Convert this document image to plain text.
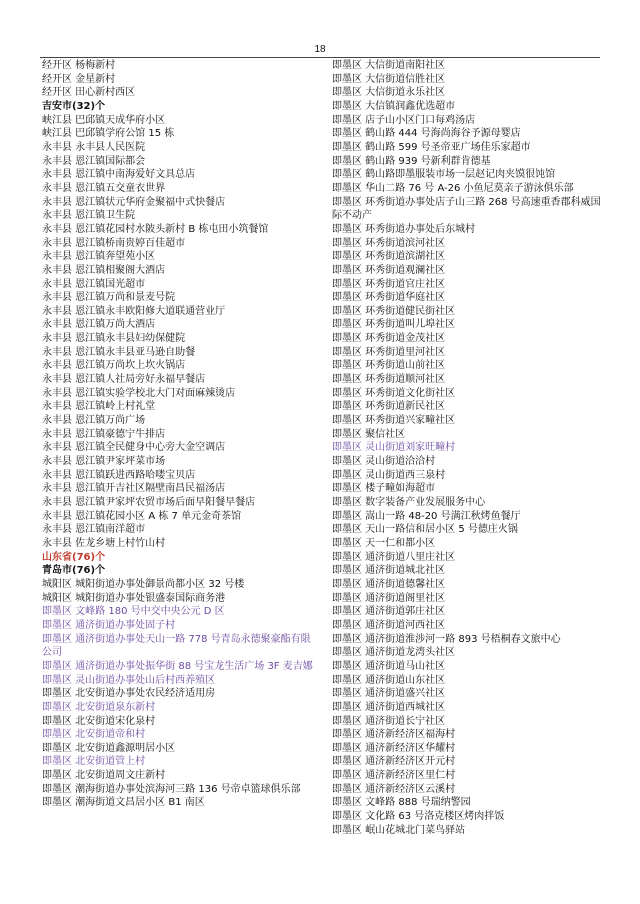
18
经开区 杨梅新村
经开区 金星新村
经开区 田心新村西区
吉安市(32)个
峡江县 巴邱镇天成华府小区
峡江县 巴邱镇学府公馆 15 栋
永丰县 永丰县人民医院
永丰县 恩江镇国际都会
永丰县 恩江镇中南海爱好文具总店
永丰县 恩江镇五交童衣世界
永丰县 恩江镇状元华府金聚福中式快餐店
永丰县 恩江镇卫生院
永丰县 恩江镇花园村水陂头新村 B 栋屯田小筑餐馆
永丰县 恩江镇桥南贵婷百佳超市
永丰县 恩江镇奔望苑小区
永丰县 恩江镇相聚阁大酒店
永丰县 恩江镇国光超市
永丰县 恩江镇万尚和景麦号院
永丰县 恩江镇永丰欧阳修大道联通营业厅
永丰县 恩江镇万尚大酒店
永丰县 恩江镇永丰县妇幼保健院
永丰县 恩江镇永丰县亚马逊自助餐
永丰县 恩江镇万尚坎上坎火锅店
永丰县 恩江镇人社局旁好永福早餐店
永丰县 恩江镇实验学校北大门对面麻辣烫店
永丰县 恩江镇岭上村礼堂
永丰县 恩江镇万尚广场
永丰县 恩江镇豪德宁牛排店
永丰县 恩江镇全民健身中心旁大金空调店
永丰县 恩江镇尹家坪菜市场
永丰县 恩江镇跃进西路哈喽宝贝店
永丰县 恩江镇开吉社区隔壁南昌民福汤店
永丰县 恩江镇尹家坪农贸市场后面早阳餐早餐店
永丰县 恩江镇花园小区 A 栋 7 单元金奇茶馆
永丰县 恩江镇南洋超市
永丰县 佐龙乡塘上村竹山村
山东省(76)个
青岛市(76)个
城阳区 城阳街道办事处御景尚都小区 32 号楼
城阳区 城阳街道办事处银盛泰国际商务港
即墨区 文峰路 180 号中交中央公元 D 区
即墨区 通济街道办事处固子村
即墨区 通济街道办事处天山一路 778 号青岛永德聚豪酯有限公司
即墨区 通济街道办事处振华街 88 号宝龙生活广场 3F 麦吉娜
即墨区 灵山街道办事处山后村西养殖区
即墨区 北安街道办事处农民经济适用房
即墨区 北安街道泉东新村
即墨区 北安街道宋化泉村
即墨区 北安街道帝和村
即墨区 北安街道鑫源明居小区
即墨区 北安街道管上村
即墨区 北安街道周文庄新村
即墨区 潮海街道办事处滨海河三路 136 号帝卓篮球俱乐部
即墨区 潮海街道文昌居小区 B1 南区
即墨区 大信街道南阳社区
即墨区 大信街道信胜社区
即墨区 大信街道永乐社区
即墨区 大信镇润鑫优选超市
即墨区 店子山小区门口每鸡汤店
即墨区 鹤山路 444 号海尚海谷予源母婴店
即墨区 鹤山路 599 号圣帝亚广场佳乐家超市
即墨区 鹤山路 939 号新利群肯德基
即墨区 鹤山路即墨服装市场一层赵记肉夹馍很饨馆
即墨区 华山二路 76 号 A-26 小鱼尼莫亲子游泳俱乐部
即墨区 环秀街道办事处店子山三路 268 号高速重香郡科威国际不动产
即墨区 环秀街道办事处后东城村
即墨区 环秀街道滨河社区
即墨区 环秀街道滨湖社区
即墨区 环秀街道观澜社区
即墨区 环秀街道官庄社区
即墨区 环秀街道华庭社区
即墨区 环秀街道健民街社区
即墨区 环秀街道叫儿埠社区
即墨区 环秀街道金茂社区
即墨区 环秀街道里河社区
即墨区 环秀街道山前社区
即墨区 环秀街道顺河社区
即墨区 环秀街道文化街社区
即墨区 环秀街道新民社区
即墨区 环秀街道兴家疃社区
即墨区 聚信社区
即墨区 灵山街道刘家旺疃村
即墨区 灵山街道洽洽村
即墨区 灵山街道西三泉村
即墨区 楼子疃如海超市
即墨区 数字装备产业发展服务中心
即墨区 嵩山一路 48-20 号满江秋烤鱼餐厅
即墨区 天山一路信和居小区 5 号德庄火锅
即墨区 天一仁和都小区
即墨区 通济街道八里庄社区
即墨区 通济街道城北社区
即墨区 通济街道德馨社区
即墨区 通济街道阁里社区
即墨区 通济街道郭庄社区
即墨区 通济街道河西社区
即墨区 通济街道淮涉河一路 893 号梧桐春文旅中心
即墨区 通济街道龙湾头社区
即墨区 通济街道马山社区
即墨区 通济街道山东社区
即墨区 通济街道盛兴社区
即墨区 通济街道西城社区
即墨区 通济街道长宁社区
即墨区 通济新经济区福海村
即墨区 通济新经济区华耀村
即墨区 通济新经济区开元村
即墨区 通济新经济区里仁村
即墨区 通济新经济区云溪村
即墨区 文峰路 888 号瑞纳警园
即墨区 文化路 63 号洛克楼区烤肉拌饭
即墨区 岷山花城北门菜鸟驿站
